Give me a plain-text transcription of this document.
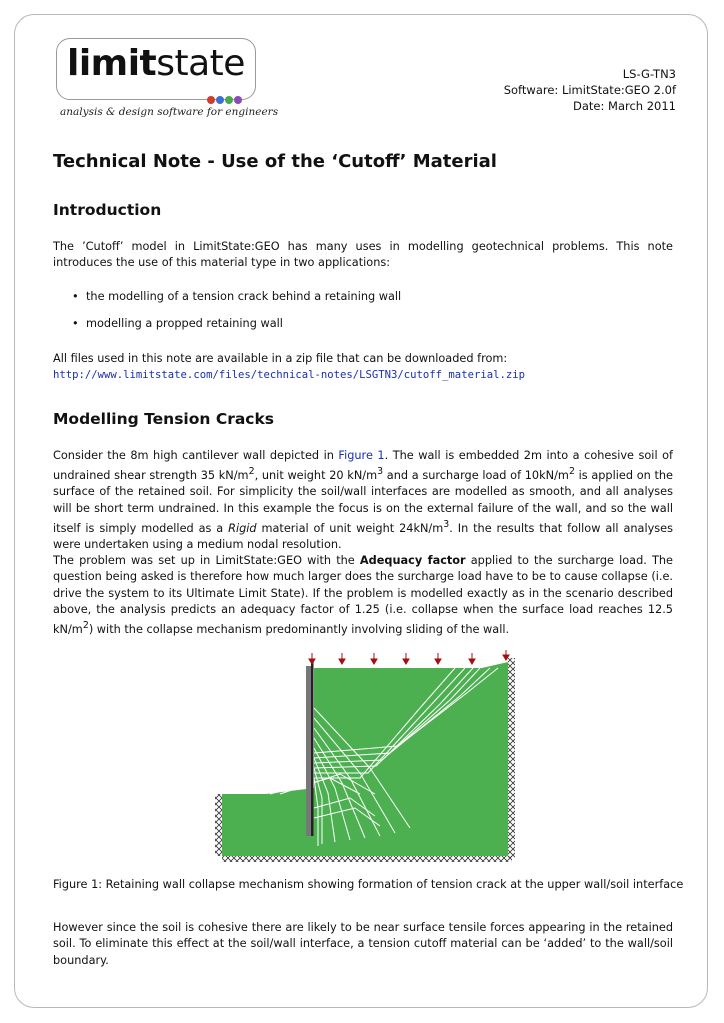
limitstate
analysis & design software for engineers
LS-G-TN3
Software: LimitState:GEO 2.0f
Date: March 2011
Technical Note - Use of the ‘Cutoff’ Material
Introduction
The ’Cutoff’ model in LimitState:GEO has many uses in modelling geotechnical problems. This note introduces the use of this material type in two applications:
• the modelling of a tension crack behind a retaining wall
• modelling a propped retaining wall
All files used in this note are available in a zip file that can be downloaded from:
http://www.limitstate.com/files/technical-notes/LSGTN3/cutoff_material.zip
Modelling Tension Cracks
Consider the 8m high cantilever wall depicted in Figure 1. The wall is embedded 2m into a cohesive soil of undrained shear strength 35 $kN/m^2$, unit weight 20 $kN/m^3$ and a surcharge load of $10kN/m^2$ is applied on the surface of the retained soil. For simplicity the soil/wall interfaces are modelled as smooth, and all analyses will be short term undrained. In this example the focus is on the external failure of the wall, and so the wall itself is simply modelled as a Rigid material of unit weight $24kN/m^3$. In the results that follow all analyses were undertaken using a medium nodal resolution.
The problem was set up in LimitState:GEO with the Adequacy factor applied to the surcharge load. The question being asked is therefore how much larger does the surcharge load have to be to cause collapse (i.e. drive the system to its Ultimate Limit State). If the problem is modelled exactly as in the scenario described above, the analysis predicts an adequacy factor of 1.25 (i.e. collapse when the surface load reaches 12.5 $kN/m^2$) with the collapse mechanism predominantly involving sliding of the wall.
Figure 1: Retaining wall collapse mechanism showing formation of tension crack at the upper wall/soil interface
However since the soil is cohesive there are likely to be near surface tensile forces appearing in the retained soil. To eliminate this effect at the soil/wall interface, a tension cutoff material can be ‘added’ to the wall/soil boundary.
